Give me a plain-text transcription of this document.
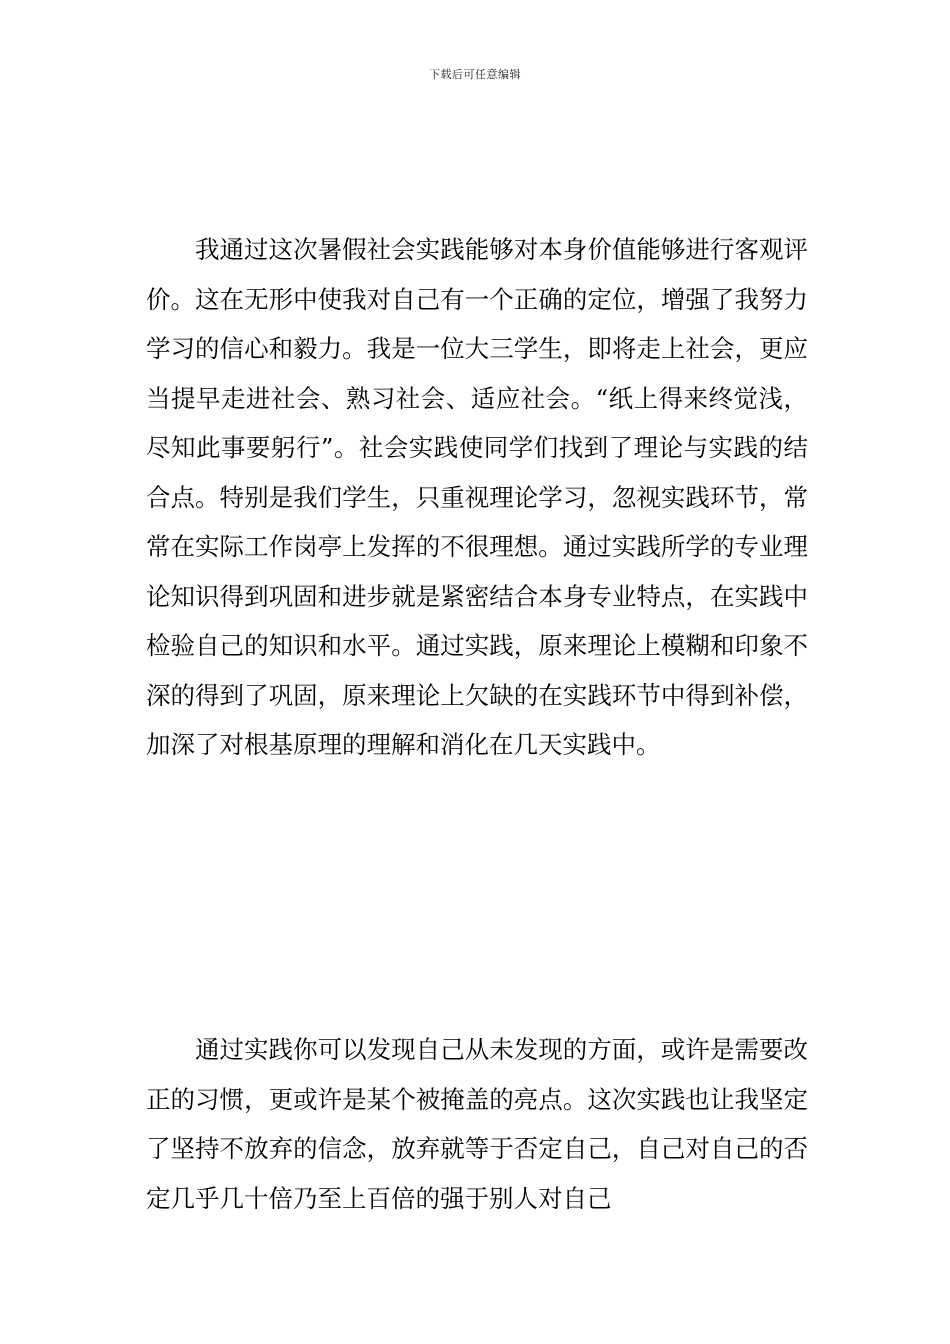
下载后可任意编辑

我通过这次暑假社会实践能够对本身价值能够进行客观评价。这在无形中使我对自己有一个正确的定位，增强了我努力学习的信心和毅力。我是一位大三学生，即将走上社会，更应当提早走进社会、熟习社会、适应社会。“纸上得来终觉浅，尽知此事要躬行”。社会实践使同学们找到了理论与实践的结合点。特别是我们学生，只重视理论学习，忽视实践环节，常常在实际工作岗亭上发挥的不很理想。通过实践所学的专业理论知识得到巩固和进步就是紧密结合本身专业特点，在实践中检验自己的知识和水平。通过实践，原来理论上模糊和印象不深的得到了巩固，原来理论上欠缺的在实践环节中得到补偿，加深了对根基原理的理解和消化在几天实践中。

通过实践你可以发现自己从未发现的方面，或许是需要改正的习惯，更或许是某个被掩盖的亮点。这次实践也让我坚定了坚持不放弃的信念，放弃就等于否定自己，自己对自己的否定几乎几十倍乃至上百倍的强于别人对自己
